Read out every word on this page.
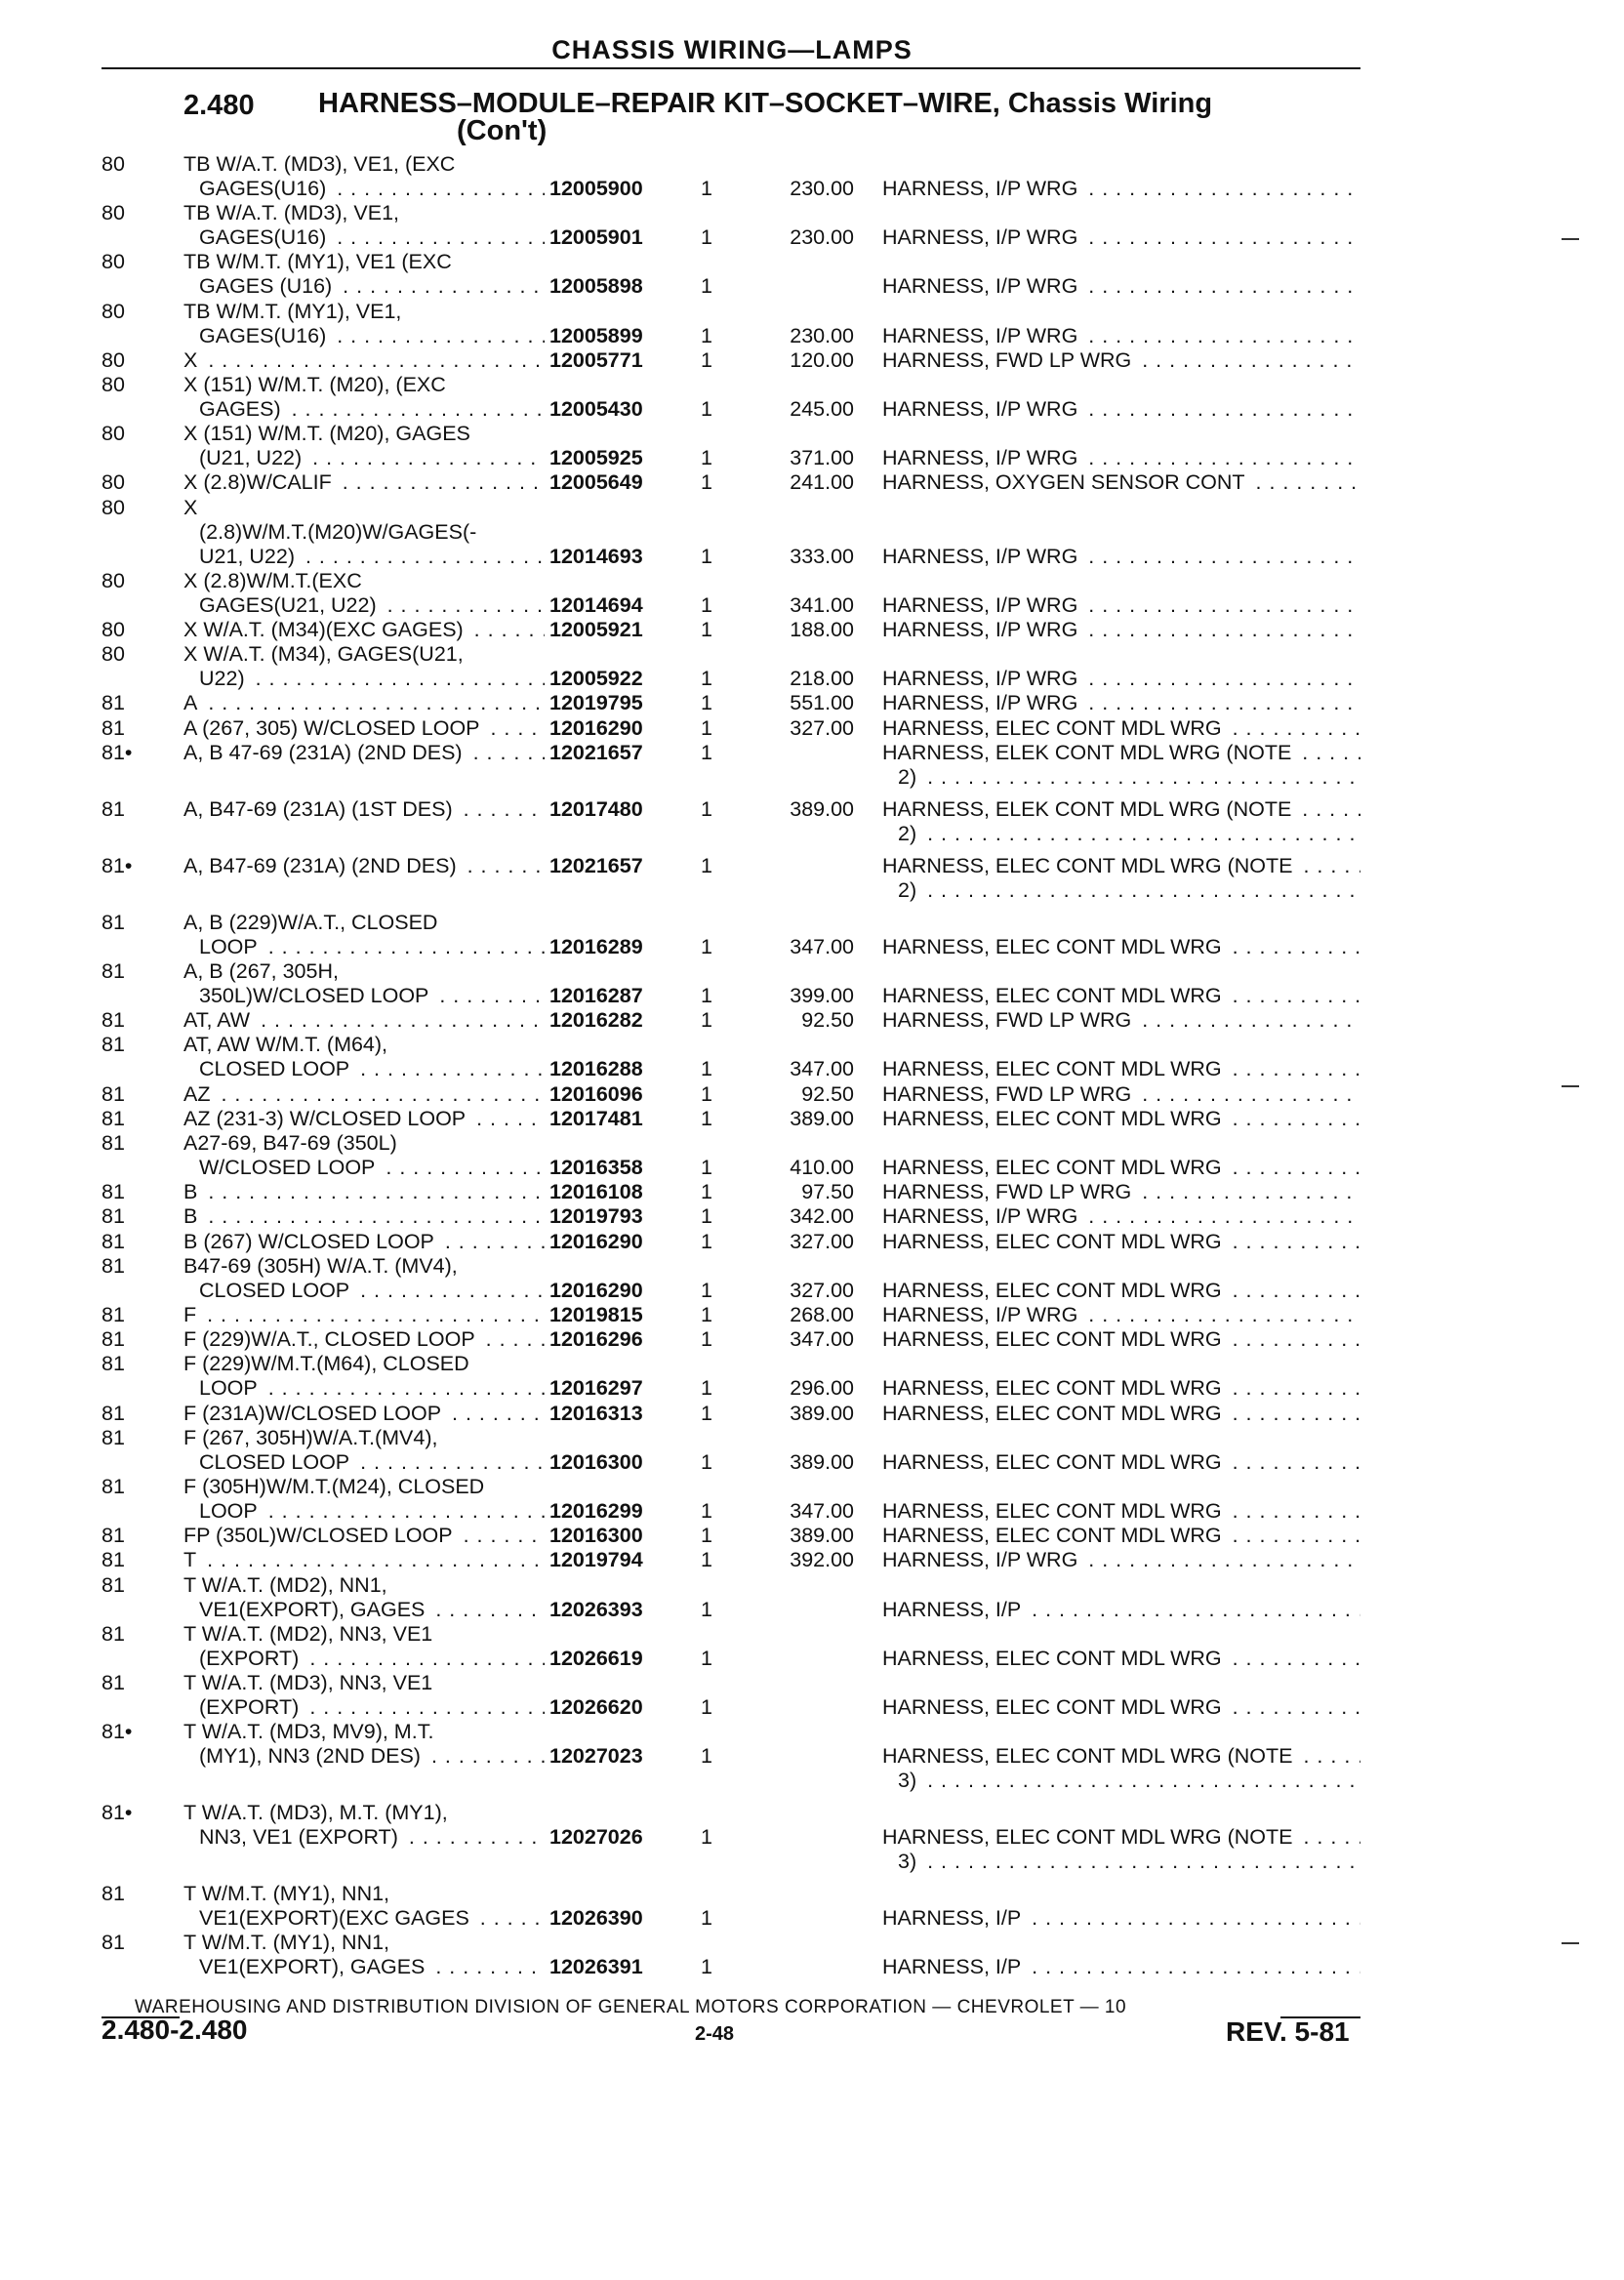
CHASSIS WIRING—LAMPS
2.480 HARNESS–MODULE–REPAIR KIT–SOCKET–WIRE, Chassis Wiring
(Con't)
80	TB W/A.T. (MD3), VE1, (EXC
GAGES(U16) . . .	12005900	1	230.00 HARNESS, I/P WRG . . .
80	TB W/A.T. (MD3), VE1,
GAGES(U16) . . .	12005901	1	230.00 HARNESS, I/P WRG . . .
80	TB W/M.T. (MY1), VE1 (EXC
GAGES (U16) . . .	12005898	1	HARNESS, I/P WRG . . .
80	TB W/M.T. (MY1), VE1,
GAGES(U16) . . .	12005899	1	230.00 HARNESS, I/P WRG . . .
80	X . . .	12005771	1	120.00 HARNESS, FWD LP WRG . . .
80	X (151) W/M.T. (M20), (EXC
GAGES) . . .	12005430	1	245.00 HARNESS, I/P WRG . . .
80	X (151) W/M.T. (M20), GAGES
(U21, U22) . . .	12005925	1	371.00 HARNESS, I/P WRG . . .
80	X (2.8)W/CALIF . . .	12005649	1	241.00 HARNESS, OXYGEN SENSOR CONT . . .
80	X
(2.8)W/M.T.(M20)W/GAGES(-
U21, U22) . . .	12014693	1	333.00 HARNESS, I/P WRG . . .
80	X (2.8)W/M.T.(EXC
GAGES(U21, U22) . . .	12014694	1	341.00 HARNESS, I/P WRG . . .
80	X W/A.T. (M34)(EXC GAGES) . . .	12005921	1	188.00 HARNESS, I/P WRG . . .
80	X W/A.T. (M34), GAGES(U21,
U22) . . .	12005922	1	218.00 HARNESS, I/P WRG . . .
81	A . . .	12019795	1	551.00 HARNESS, I/P WRG . . .
81	A (267, 305) W/CLOSED LOOP . . .	12016290	1	327.00 HARNESS, ELEC CONT MDL WRG . . .
81•	A, B 47-69 (231A) (2ND DES) . . .	12021657	1	HARNESS, ELEK CONT MDL WRG (NOTE . . .
2) . . .
81	A, B47-69 (231A) (1ST DES) . . .	12017480	1	389.00 HARNESS, ELEK CONT MDL WRG (NOTE . . .
2) . . .
81•	A, B47-69 (231A) (2ND DES) . . .	12021657	1	HARNESS, ELEC CONT MDL WRG (NOTE . . .
2) . . .
81	A, B (229)W/A.T., CLOSED
LOOP . . .	12016289	1	347.00 HARNESS, ELEC CONT MDL WRG . . .
81	A, B (267, 305H,
350L)W/CLOSED LOOP . . .	12016287	1	399.00 HARNESS, ELEC CONT MDL WRG . . .
81	AT, AW . . .	12016282	1	92.50 HARNESS, FWD LP WRG . . .
81	AT, AW W/M.T. (M64),
CLOSED LOOP . . .	12016288	1	347.00 HARNESS, ELEC CONT MDL WRG . . .
81	AZ . . .	12016096	1	92.50 HARNESS, FWD LP WRG . . .
81	AZ (231-3) W/CLOSED LOOP . . .	12017481	1	389.00 HARNESS, ELEC CONT MDL WRG . . .
81	A27-69, B47-69 (350L)
W/CLOSED LOOP . . .	12016358	1	410.00 HARNESS, ELEC CONT MDL WRG . . .
81	B . . .	12016108	1	97.50 HARNESS, FWD LP WRG . . .
81	B . . .	12019793	1	342.00 HARNESS, I/P WRG . . .
81	B (267) W/CLOSED LOOP . . .	12016290	1	327.00 HARNESS, ELEC CONT MDL WRG . . .
81	B47-69 (305H) W/A.T. (MV4),
CLOSED LOOP . . .	12016290	1	327.00 HARNESS, ELEC CONT MDL WRG . . .
81	F . . .	12019815	1	268.00 HARNESS, I/P WRG . . .
81	F (229)W/A.T., CLOSED LOOP . . .	12016296	1	347.00 HARNESS, ELEC CONT MDL WRG . . .
81	F (229)W/M.T.(M64), CLOSED
LOOP . . .	12016297	1	296.00 HARNESS, ELEC CONT MDL WRG . . .
81	F (231A)W/CLOSED LOOP . . .	12016313	1	389.00 HARNESS, ELEC CONT MDL WRG . . .
81	F (267, 305H)W/A.T.(MV4),
CLOSED LOOP . . .	12016300	1	389.00 HARNESS, ELEC CONT MDL WRG . . .
81	F (305H)W/M.T.(M24), CLOSED
LOOP . . .	12016299	1	347.00 HARNESS, ELEC CONT MDL WRG . . .
81	FP (350L)W/CLOSED LOOP . . .	12016300	1	389.00 HARNESS, ELEC CONT MDL WRG . . .
81	T . . .	12019794	1	392.00 HARNESS, I/P WRG . . .
81	T W/A.T. (MD2), NN1,
VE1(EXPORT), GAGES . . .	12026393	1	HARNESS, I/P . . .
81	T W/A.T. (MD2), NN3, VE1
(EXPORT) . . .	12026619	1	HARNESS, ELEC CONT MDL WRG . . .
81	T W/A.T. (MD3), NN3, VE1
(EXPORT) . . .	12026620	1	HARNESS, ELEC CONT MDL WRG . . .
81•	T W/A.T. (MD3, MV9), M.T.
(MY1), NN3 (2ND DES) . . .	12027023	1	HARNESS, ELEC CONT MDL WRG (NOTE . . .
3) . . .
81•	T W/A.T. (MD3), M.T. (MY1),
NN3, VE1 (EXPORT) . . .	12027026	1	HARNESS, ELEC CONT MDL WRG (NOTE . . .
3) . . .
81	T W/M.T. (MY1), NN1,
VE1(EXPORT)(EXC GAGES . . .	12026390	1	HARNESS, I/P . . .
81	T W/M.T. (MY1), NN1,
VE1(EXPORT), GAGES . . .	12026391	1	HARNESS, I/P . . .
WAREHOUSING AND DISTRIBUTION DIVISION OF GENERAL MOTORS CORPORATION — CHEVROLET — 10
2.480-2.480	2-48	REV. 5-81
